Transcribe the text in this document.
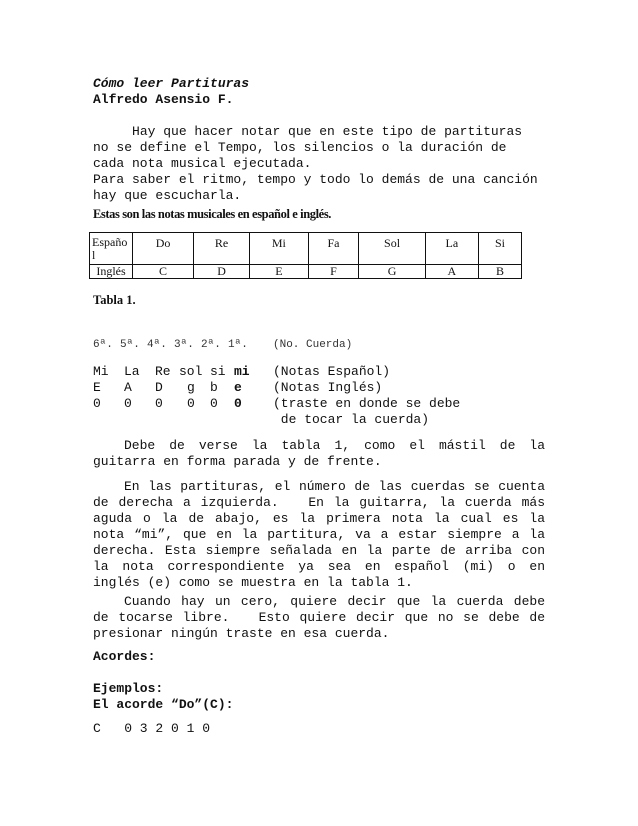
Cómo leer Partituras
Alfredo Asensio F.
Hay que hacer notar que en este tipo de partituras no se define el Tempo, los silencios o la duración de cada nota musical ejecutada.
Para saber el ritmo, tempo y todo lo demás de una canción hay que escucharla.
Estas son las notas musicales en español e inglés.
Españo l	Do	Re	Mi	Fa	Sol	La	Si
Inglés	C	D	E	F	G	A	B
Tabla 1.
6ª. 5ª. 4ª. 3ª. 2ª. 1ª. (No. Cuerda)
Mi La Re sol si mi (Notas Español)
E A D g b e (Notas Inglés)
0 0 0 0 0 0 (traste en donde se debe
de tocar la cuerda)
Debe de verse la tabla 1, como el mástil de la guitarra en forma parada y de frente.
En las partituras, el número de las cuerdas se cuenta de derecha a izquierda.   En la guitarra, la cuerda más aguda o la de abajo, es la primera nota la cual es la nota “mi”, que en la partitura, va a estar siempre a la derecha. Esta siempre señalada en la parte de arriba con la nota correspondiente ya sea en español (mi) o en inglés (e) como se muestra en la tabla 1.
Cuando hay un cero, quiere decir que la cuerda debe de tocarse libre.   Esto quiere decir que no se debe de presionar ningún traste en esa cuerda.
Acordes:
Ejemplos:
El acorde “Do”(C):
C   0 3 2 0 1 0
